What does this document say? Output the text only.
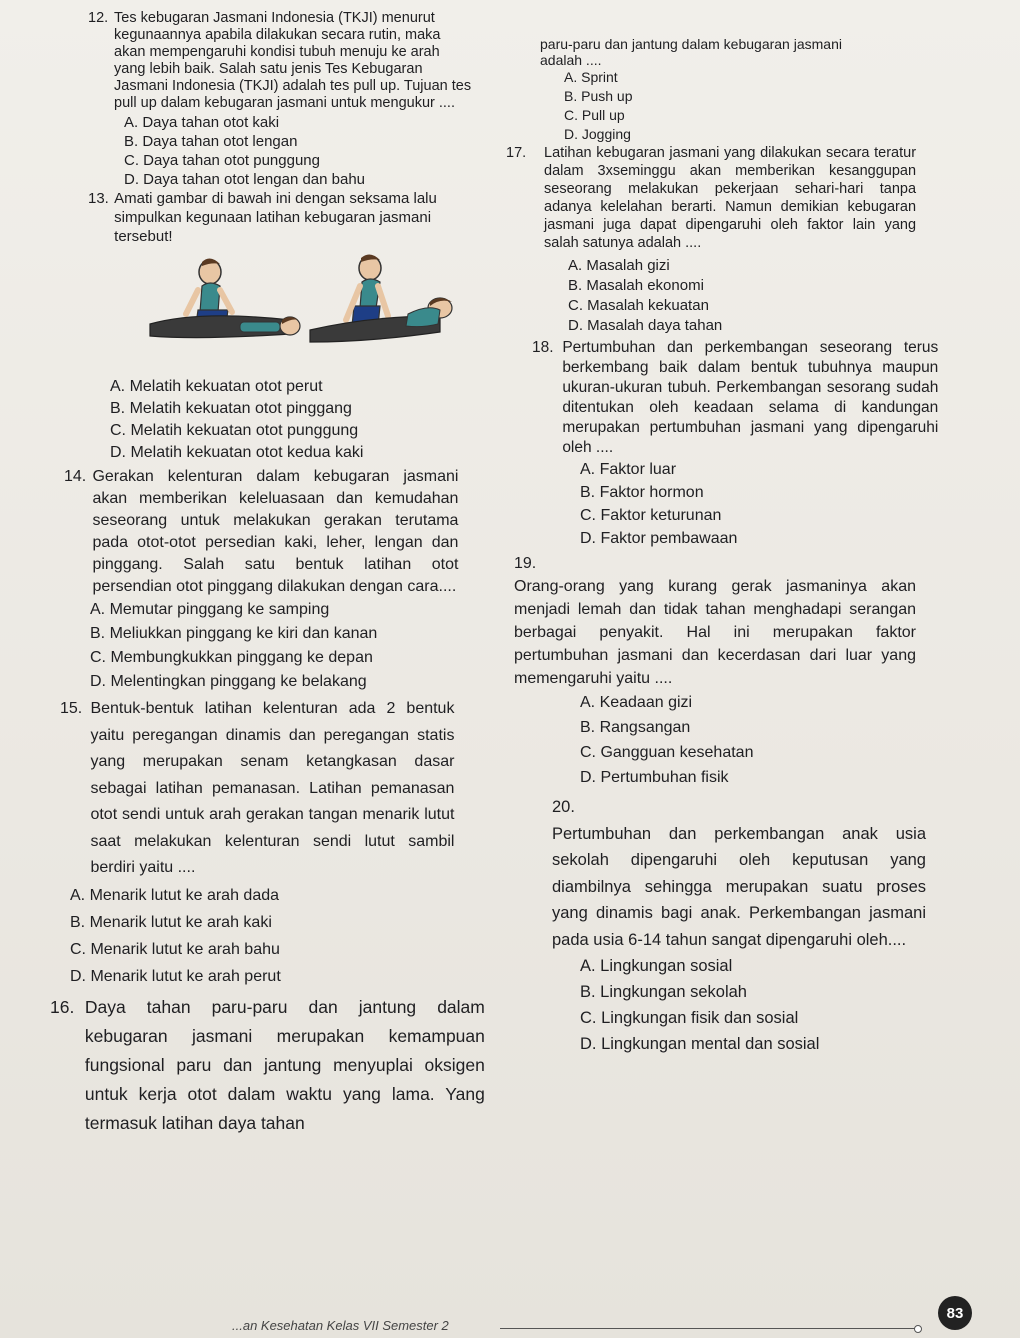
12. Tes kebugaran Jasmani Indonesia (TKJI) menurut kegunaannya apabila dilakukan secara rutin, maka akan mempengaruhi kondisi tubuh menuju ke arah yang lebih baik. Salah satu jenis Tes Kebugaran Jasmani Indonesia (TKJI) adalah tes pull up. Tujuan tes pull up dalam kebugaran jasmani untuk mengukur ....
A. Daya tahan otot kaki
B. Daya tahan otot lengan
C. Daya tahan otot punggung
D. Daya tahan otot lengan dan bahu
13. Amati gambar di bawah ini dengan seksama lalu simpulkan kegunaan latihan kebugaran jasmani tersebut!
A. Melatih kekuatan otot perut
B. Melatih kekuatan otot pinggang
C. Melatih kekuatan otot punggung
D. Melatih kekuatan otot kedua kaki
14. Gerakan kelenturan dalam kebugaran jasmani akan memberikan keleluasaan dan kemudahan seseorang untuk melakukan gerakan terutama pada otot-otot persedian kaki, leher, lengan dan pinggang. Salah satu bentuk latihan otot persendian otot pinggang dilakukan dengan cara....
A. Memutar pinggang ke samping
B. Meliukkan pinggang ke kiri dan kanan
C. Membungkukkan pinggang ke depan
D. Melentingkan pinggang ke belakang
15. Bentuk-bentuk latihan kelenturan ada 2 bentuk yaitu peregangan dinamis dan peregangan statis yang merupakan senam ketangkasan dasar sebagai latihan pemanasan. Latihan pemanasan otot sendi untuk arah gerakan tangan menarik lutut saat melakukan kelenturan sendi lutut sambil berdiri yaitu ....
A. Menarik lutut ke arah dada
B. Menarik lutut ke arah kaki
C. Menarik lutut ke arah bahu
D. Menarik lutut ke arah perut
16. Daya tahan paru-paru dan jantung dalam kebugaran jasmani merupakan kemampuan fungsional paru dan jantung menyuplai oksigen untuk kerja otot dalam waktu yang lama. Yang termasuk latihan daya tahan
paru-paru dan jantung dalam kebugaran jasmani adalah ....
A. Sprint
B. Push up
C. Pull up
D. Jogging
17. Latihan kebugaran jasmani yang dilakukan secara teratur dalam 3xseminggu akan memberikan kesanggupan seseorang melakukan pekerjaan sehari-hari tanpa adanya kelelahan berarti. Namun demikian kebugaran jasmani juga dapat dipengaruhi oleh faktor lain yang salah satunya adalah ....
A. Masalah gizi
B. Masalah ekonomi
C. Masalah kekuatan
D. Masalah daya tahan
18. Pertumbuhan dan perkembangan seseorang terus berkembang baik dalam bentuk tubuhnya maupun ukuran-ukuran tubuh. Perkembangan sesorang sudah ditentukan oleh keadaan selama di kandungan merupakan pertumbuhan jasmani yang dipengaruhi oleh ....
A. Faktor luar
B. Faktor hormon
C. Faktor keturunan
D. Faktor pembawaan
19. Orang-orang yang kurang gerak jasmaninya akan menjadi lemah dan tidak tahan menghadapi serangan berbagai penyakit. Hal ini merupakan faktor pertumbuhan jasmani dan kecerdasan dari luar yang memengaruhi yaitu ....
A. Keadaan gizi
B. Rangsangan
C. Gangguan kesehatan
D. Pertumbuhan fisik
20. Pertumbuhan dan perkembangan anak usia sekolah dipengaruhi oleh keputusan yang diambilnya sehingga merupakan suatu proses yang dinamis bagi anak. Perkembangan jasmani pada usia 6-14 tahun sangat dipengaruhi oleh....
A. Lingkungan sosial
B. Lingkungan sekolah
C. Lingkungan fisik dan sosial
D. Lingkungan mental dan sosial
...an Kesehatan Kelas VII Semester 2
83
